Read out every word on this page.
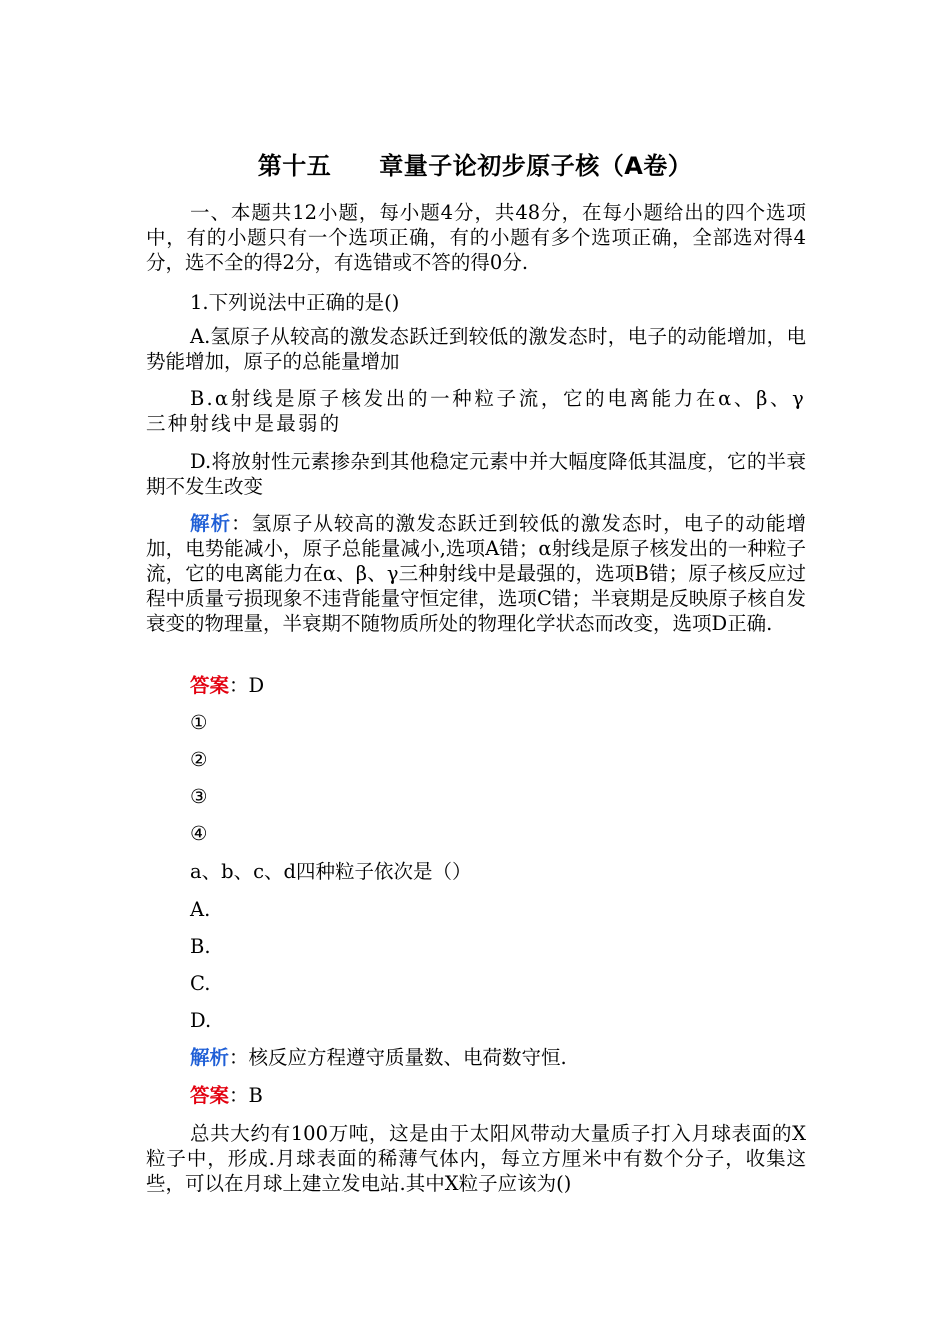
第十五 章量子论初步原子核（A卷）
一、本题共12小题，每小题4分，共48分，在每小题给出的四个选项中，有的小题只有一个选项正确，有的小题有多个选项正确，全部选对得4分，选不全的得2分，有选错或不答的得0分.
1.下列说法中正确的是()
A.氢原子从较高的激发态跃迁到较低的激发态时，电子的动能增加，电势能增加，原子的总能量增加
B.α射线是原子核发出的一种粒子流，它的电离能力在α、β、γ三种射线中是最弱的
D.将放射性元素掺杂到其他稳定元素中并大幅度降低其温度，它的半衰期不发生改变
解析：氢原子从较高的激发态跃迁到较低的激发态时，电子的动能增加，电势能减小，原子总能量减小,选项A错；α射线是原子核发出的一种粒子流，它的电离能力在α、β、γ三种射线中是最强的，选项B错；原子核反应过程中质量亏损现象不违背能量守恒定律，选项C错；半衰期是反映原子核自发衰变的物理量，半衰期不随物质所处的物理化学状态而改变，选项D正确.
答案：D
①
②
③
④
a、b、c、d四种粒子依次是（）
A.
B.
C.
D.
解析：核反应方程遵守质量数、电荷数守恒.
答案：B
总共大约有100万吨，这是由于太阳风带动大量质子打入月球表面的X粒子中，形成.月球表面的稀薄气体内，每立方厘米中有数个分子，收集这些，可以在月球上建立发电站.其中X粒子应该为()
